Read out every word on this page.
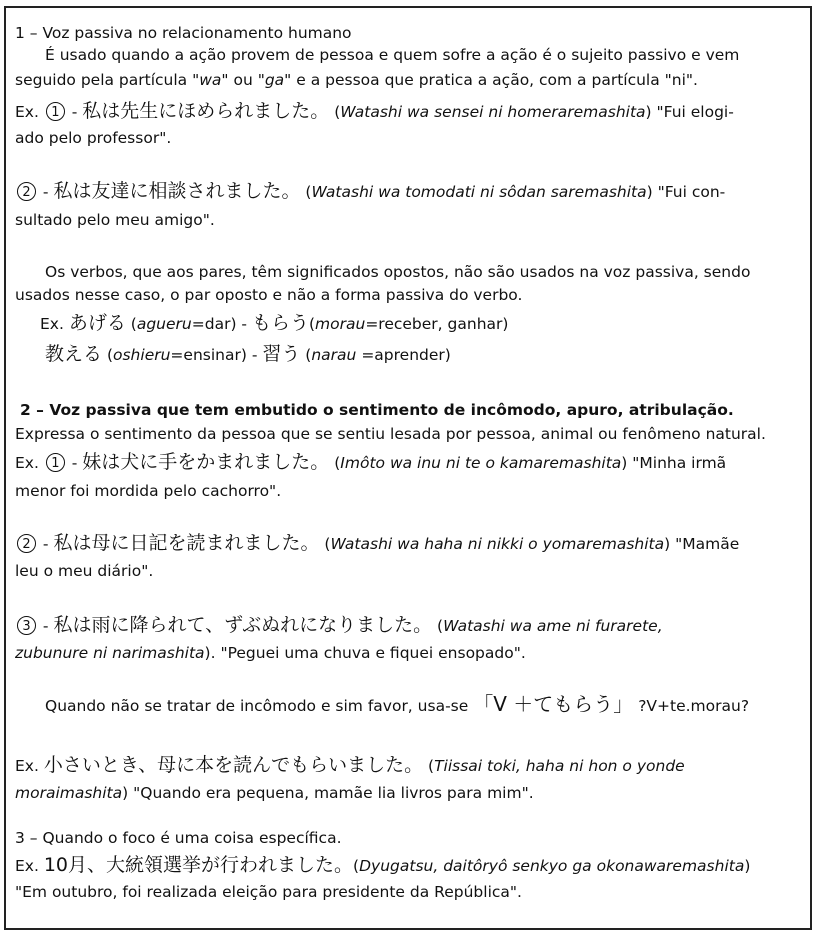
1 – Voz passiva no relacionamento humano
É usado quando a ação provem de pessoa e quem sofre a ação é o sujeito passivo e vem
seguido pela partícula "wa" ou "ga" e a pessoa que pratica a ação, com a partícula "ni".
Ex. 1 - 私は先生にほめられました。 (Watashi wa sensei ni homeraremashita) "Fui elogi-
ado pelo professor".
2 - 私は友達に相談されました。 (Watashi wa tomodati ni sôdan saremashita) "Fui con-
sultado pelo meu amigo".
Os verbos, que aos pares, têm significados opostos, não são usados na voz passiva, sendo
usados nesse caso, o par oposto e não a forma passiva do verbo.
Ex. あげる (agueru=dar) - もらう(morau=receber, ganhar)
教える (oshieru=ensinar) - 習う (narau =aprender)
2 – Voz passiva que tem embutido o sentimento de incômodo, apuro, atribulação.
Expressa o sentimento da pessoa que se sentiu lesada por pessoa, animal ou fenômeno natural.
Ex. 1 - 妹は犬に手をかまれました。 (Imôto wa inu ni te o kamaremashita) "Minha irmã
menor foi mordida pelo cachorro".
2 - 私は母に日記を読まれました。 (Watashi wa haha ni nikki o yomaremashita) "Mamãe
leu o meu diário".
3 - 私は雨に降られて、ずぶぬれになりました。 (Watashi wa ame ni furarete,
zubunure ni narimashita). "Peguei uma chuva e fiquei ensopado".
Quando não se tratar de incômodo e sim favor, usa-se 「V ＋てもらう」 ?V+te.morau?
Ex. 小さいとき、母に本を読んでもらいました。 (Tiissai toki, haha ni hon o yonde
moraimashita) "Quando era pequena, mamãe lia livros para mim".
3 – Quando o foco é uma coisa específica.
Ex. 10月、大統領選挙が行われました。(Dyugatsu, daitôryô senkyo ga okonawaremashita)
"Em outubro, foi realizada eleição para presidente da República".
